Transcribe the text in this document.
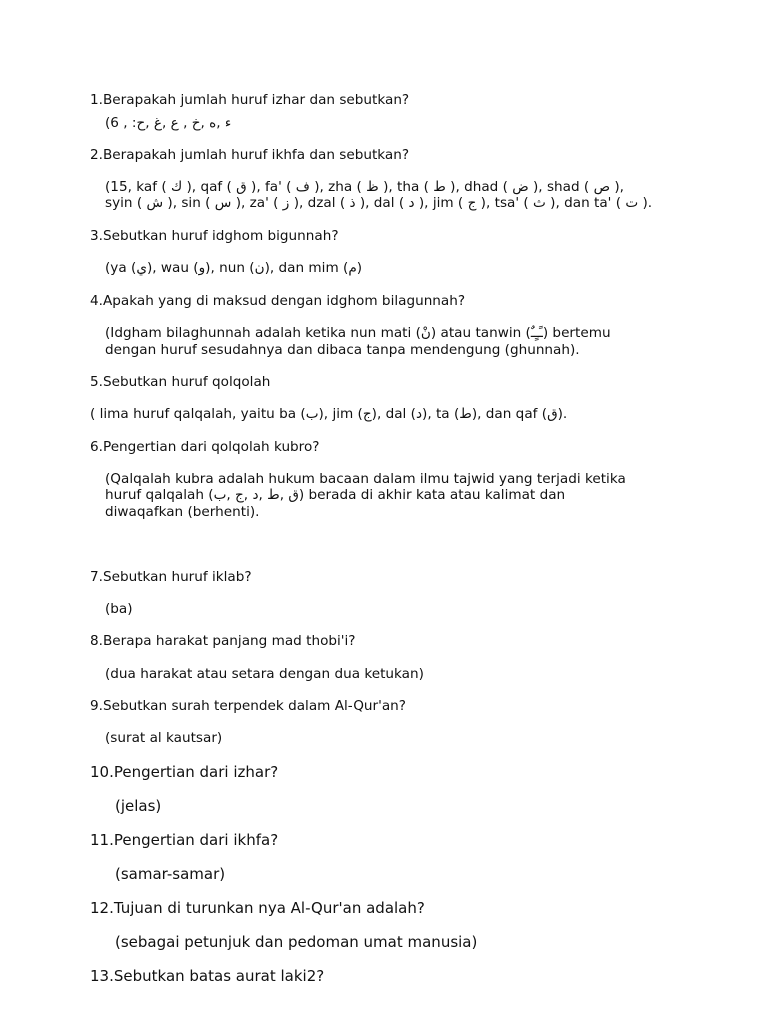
1.Berapakah jumlah huruf izhar dan sebutkan?
(6 , :ء ,ه ,خ , ع ,غ ,ح
2.Berapakah jumlah huruf ikhfa dan sebutkan?
(15, kaf ( ك ), qaf ( ق ), fa' ( ف ), zha ( ظ ), tha ( ط ), dhad ( ض ), shad ( ص ),
syin ( ش ), sin ( س ), za' ( ز ), dzal ( ذ ), dal ( د ), jim ( ج ), tsa' ( ث ), dan ta' ( ت ).
3.Sebutkan huruf idghom bigunnah?
(ya (ي), wau (و), nun (ن), dan mim (م)
4.Apakah yang di maksud dengan idghom bilagunnah?
(Idgham bilaghunnah adalah ketika nun mati (نْ) atau tanwin (ـًـٍـٌ) bertemu
dengan huruf sesudahnya dan dibaca tanpa mendengung (ghunnah).
5.Sebutkan huruf qolqolah
( lima huruf qalqalah, yaitu ba (ب), jim (ج), dal (د), ta (ط), dan qaf (ق).
6.Pengertian dari qolqolah kubro?
(Qalqalah kubra adalah hukum bacaan dalam ilmu tajwid yang terjadi ketika
huruf qalqalah (ق ,ط ,د ,ج ,ب) berada di akhir kata atau kalimat dan
diwaqafkan (berhenti).
7.Sebutkan huruf iklab?
(ba)
8.Berapa harakat panjang mad thobi'i?
(dua harakat atau setara dengan dua ketukan)
9.Sebutkan surah terpendek dalam Al-Qur'an?
(surat al kautsar)
10.Pengertian dari izhar?
(jelas)
11.Pengertian dari ikhfa?
(samar-samar)
12.Tujuan di turunkan nya Al-Qur'an adalah?
(sebagai petunjuk dan pedoman umat manusia)
13.Sebutkan batas aurat laki2?
